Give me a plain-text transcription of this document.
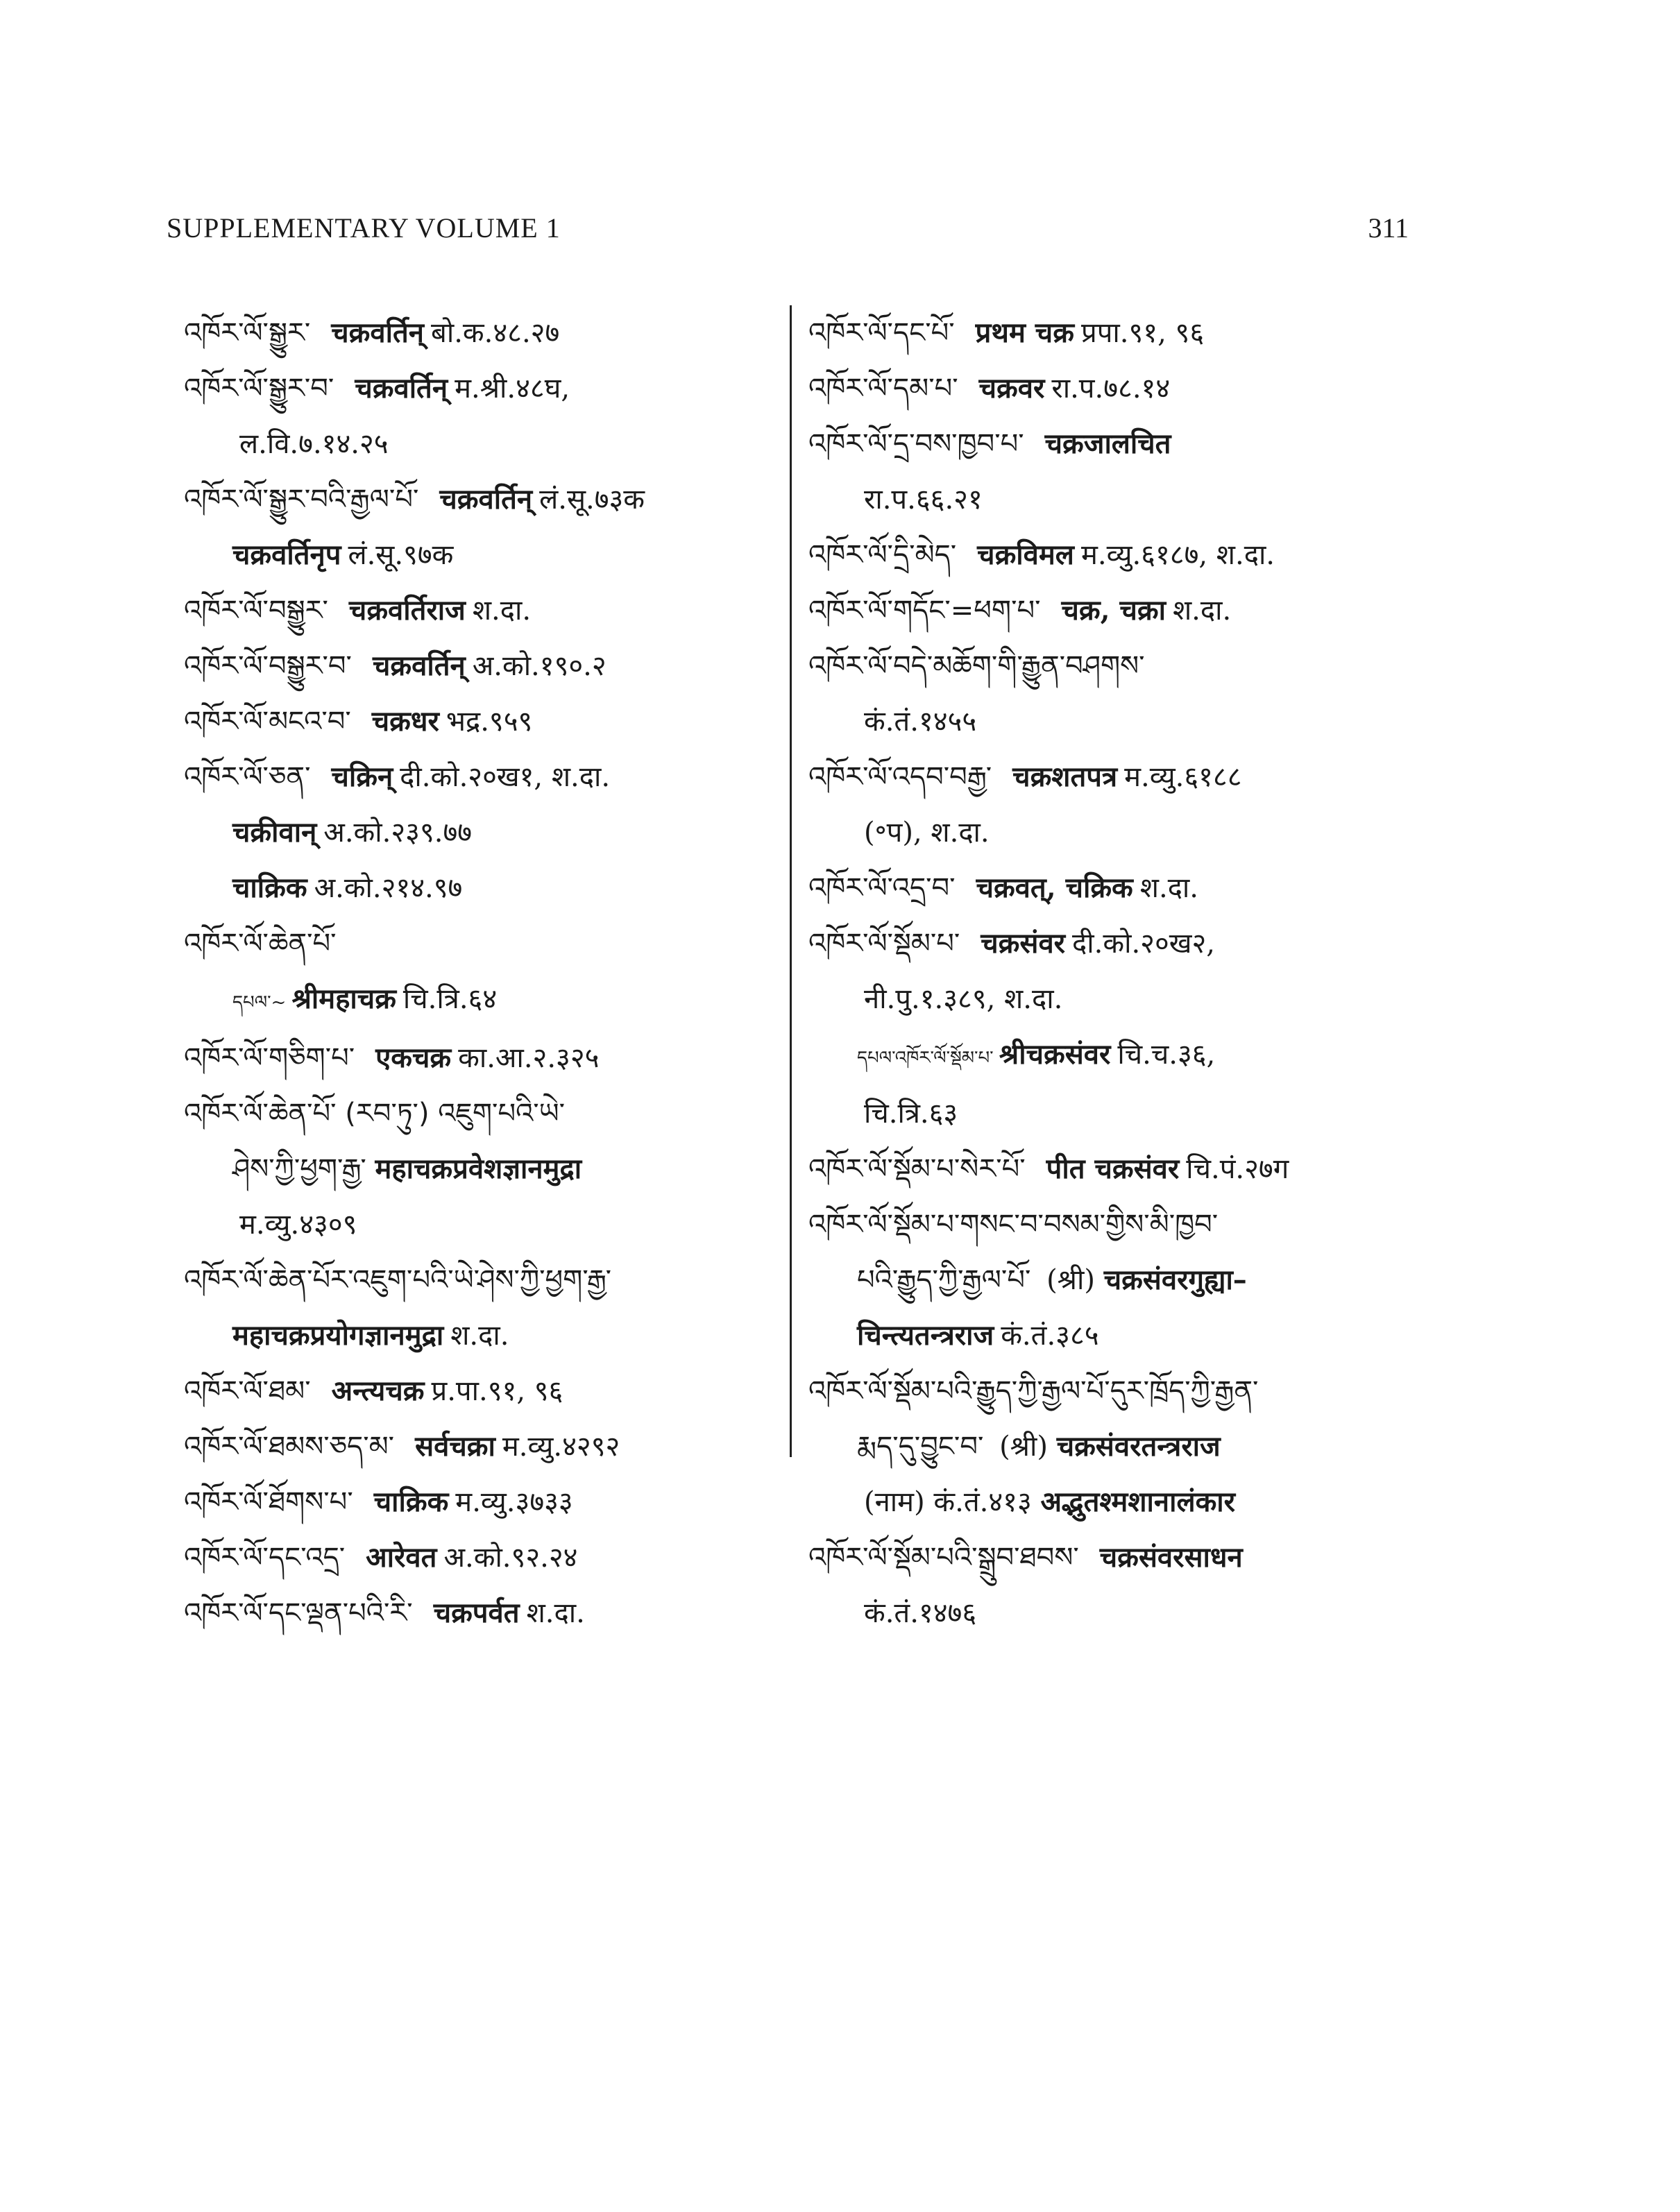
SUPPLEMENTARY VOLUME 1	311
འཁོར་ལོ་སྒྱུར་ चक्रवर्तिन् बो.क.४८.२७
འཁོར་ལོ་སྒྱུར་བ་ चक्रवर्तिन् म.श्री.४८घ,
ल.वि.७.१४.२५
འཁོར་ལོ་སྒྱུར་བའི་རྒྱལ་པོ་ चक्रवर्तिन् लं.सू.७३क
चक्रवर्तिनृप लं.सू.९७क
འཁོར་ལོ་བསྒྱུར་ चक्रवर्तिराज श.दा.
འཁོར་ལོ་བསྒྱུར་བ་ चक्रवर्तिन् अ.को.१९०.२
འཁོར་ལོ་མངའ་བ་ चक्रधर भद्र.९५९
འཁོར་ལོ་ཅན་ चक्रिन् दी.को.२०ख१, श.दा.
चक्रीवान् अ.को.२३९.७७
चाक्रिक अ.को.२१४.९७
འཁོར་ལོ་ཆེན་པོ་
དཔལ་~ श्रीमहाचक्र चि.त्रि.६४
འཁོར་ལོ་གཅིག་པ་ एकचक्र का.आ.२.३२५
འཁོར་ལོ་ཆེན་པོ་ (རབ་ཏུ་) འཇུག་པའི་ཡེ་
ཤེས་ཀྱི་ཕྱག་རྒྱ་ महाचक्रप्रवेशज्ञानमुद्रा
म.व्यु.४३०९
འཁོར་ལོ་ཆེན་པོར་འཇུག་པའི་ཡེ་ཤེས་ཀྱི་ཕྱག་རྒྱ་
महाचक्रप्रयोगज्ञानमुद्रा श.दा.
འཁོར་ལོ་ཐམ་ अन्त्यचक्र प्र.पा.९१, ९६
འཁོར་ལོ་ཐམས་ཅད་མ་ सर्वचक्रा म.व्यु.४२९२
འཁོར་ལོ་ཐོགས་པ་ चाक्रिक म.व्यु.३७३३
འཁོར་ལོ་དང་འདྲ་ आरेवत अ.को.९२.२४
འཁོར་ལོ་དང་ལྡན་པའི་རི་ चक्रपर्वत श.दा.
འཁོར་ལོ་དང་པོ་ प्रथम चक्र प्रपा.९१, ९६
འཁོར་ལོ་དམ་པ་ चक्रवर रा.प.७८.१४
འཁོར་ལོ་དྲ་བས་ཁྱབ་པ་ चक्रजालचित
रा.प.६६.२१
འཁོར་ལོ་དྲི་མེད་ चक्रविमल म.व्यु.६१८७, श.दा.
འཁོར་ལོ་གདོང་=ཕག་པ་ चक्र, चक्रा श.दा.
འཁོར་ལོ་བདེ་མཆོག་གི་རྒྱུན་བཤགས་
कं.तं.१४५५
འཁོར་ལོ་འདབ་བརྒྱ་ चक्रशतपत्र म.व्यु.६१८८
(॰प), श.दा.
འཁོར་ལོ་འདྲ་བ་ चक्रवत्, चक्रिक श.दा.
འཁོར་ལོ་སྡོམ་པ་ चक्रसंवर दी.को.२०ख२,
नी.पु.१.३८९, श.दा.
དཔལ་འཁོར་ལོ་སྡོམ་པ་ श्रीचक्रसंवर चि.च.३६,
चि.त्रि.६३
འཁོར་ལོ་སྡོམ་པ་སེར་པོ་ पीत चक्रसंवर चि.पं.२७ग
འཁོར་ལོ་སྡོམ་པ་གསང་བ་བསམ་གྱིས་མི་ཁྱབ་
པའི་རྒྱུད་ཀྱི་རྒྱལ་པོ་ (श्री) चक्रसंवरगुह्या–
चिन्त्यतन्त्रराज कं.तं.३८५
འཁོར་ལོ་སྡོམ་པའི་རྒྱུད་ཀྱི་རྒྱལ་པོ་དུར་ཁྲོད་ཀྱི་རྒྱན་
རྨད་དུ་བྱུང་བ་ (श्री) चक्रसंवरतन्त्रराज
(नाम) कं.तं.४१३ अद्भुतश्मशानालंकार
འཁོར་ལོ་སྡོམ་པའི་སྒྲུབ་ཐབས་ चक्रसंवरसाधन
कं.तं.१४७६
